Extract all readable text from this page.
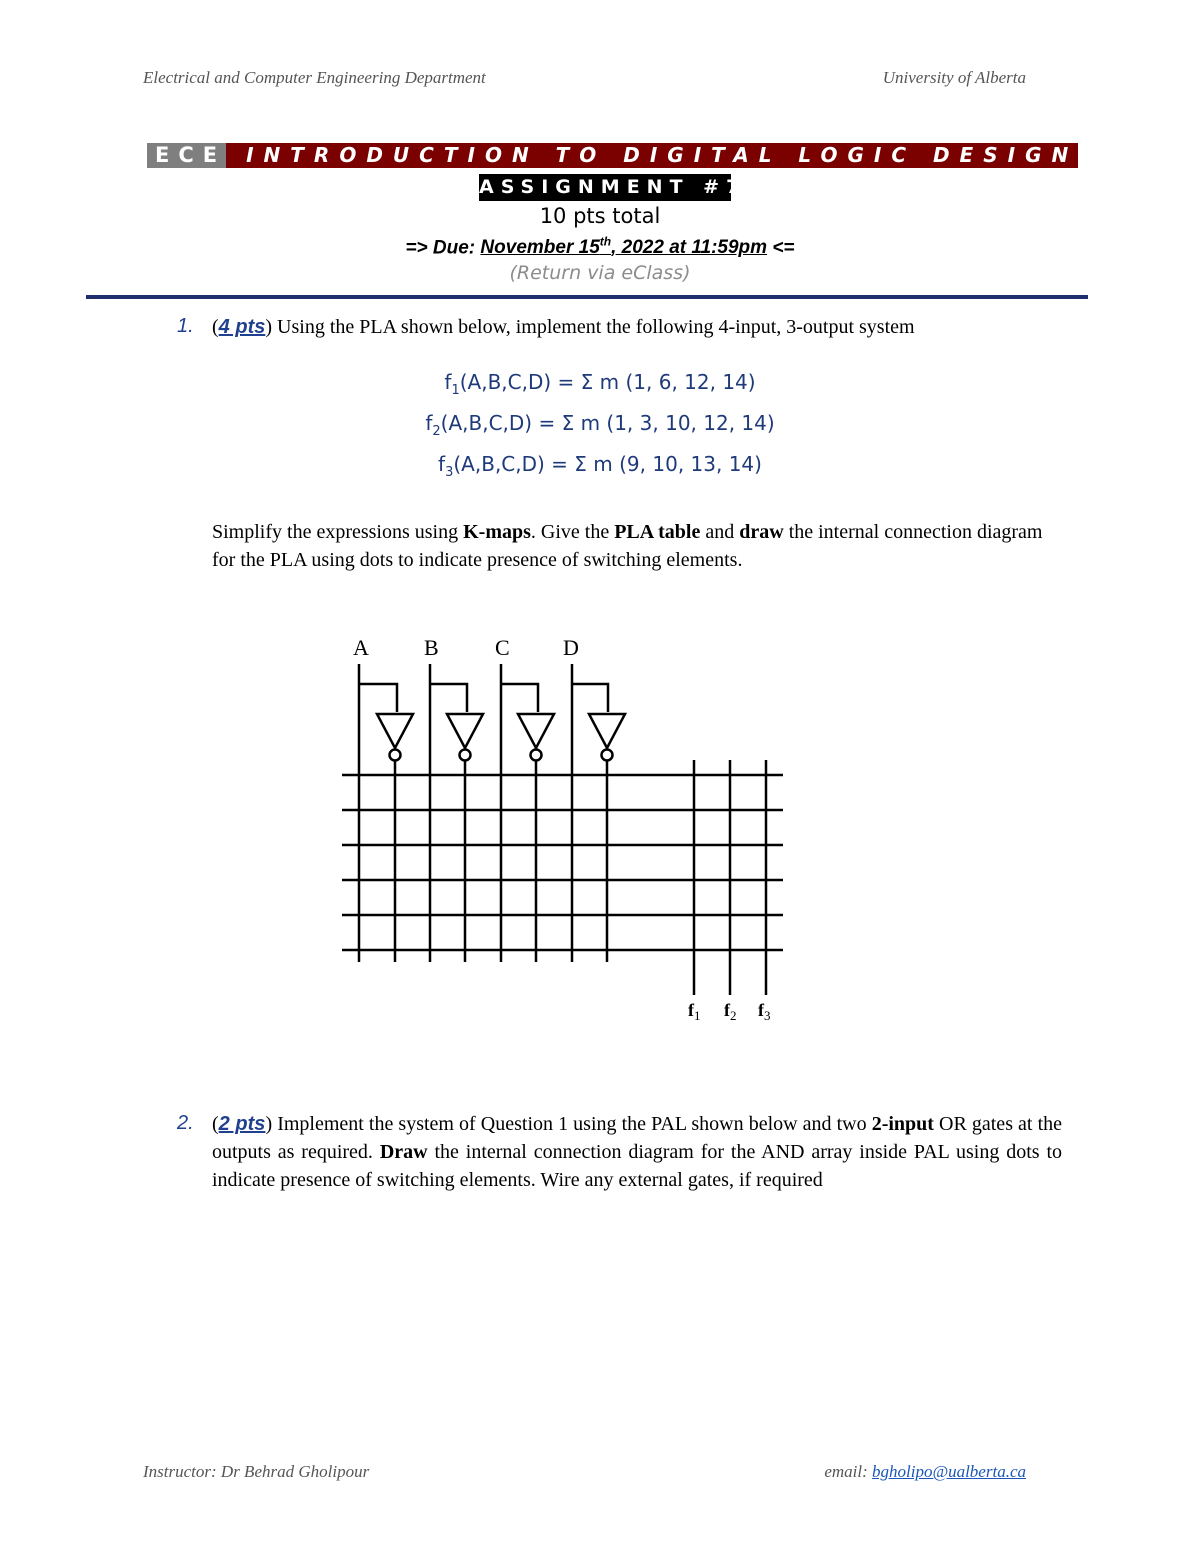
Electrical and Computer Engineering Department	University of Alberta
ECE 210
INTRODUCTION TO DIGITAL LOGIC DESIGN
ASSIGNMENT #7
10 pts total
=> Due: November 15th, 2022 at 11:59pm <=
(Return via eClass)
1. (4 pts) Using the PLA shown below, implement the following 4-input, 3-output system
$f_1(A,B,C,D) = \Sigma$ m (1, 6, 12, 14)
$f_2(A,B,C,D) = \Sigma$ m (1, 3, 10, 12, 14)
$f_3(A,B,C,D) = \Sigma$ m (9, 10, 13, 14)
Simplify the expressions using K-maps. Give the PLA table and draw the internal connection diagram for the PLA using dots to indicate presence of switching elements.
A	B	C D
$f_1$ $f_2$ $f_3$
2. (2 pts) Implement the system of Question 1 using the PAL shown below and two 2-input OR gates at the outputs as required. Draw the internal connection diagram for the AND array inside PAL using dots to indicate presence of switching elements. Wire any external gates, if required
Instructor: Dr Behrad Gholipour	email: bgholipo@ualberta.ca
